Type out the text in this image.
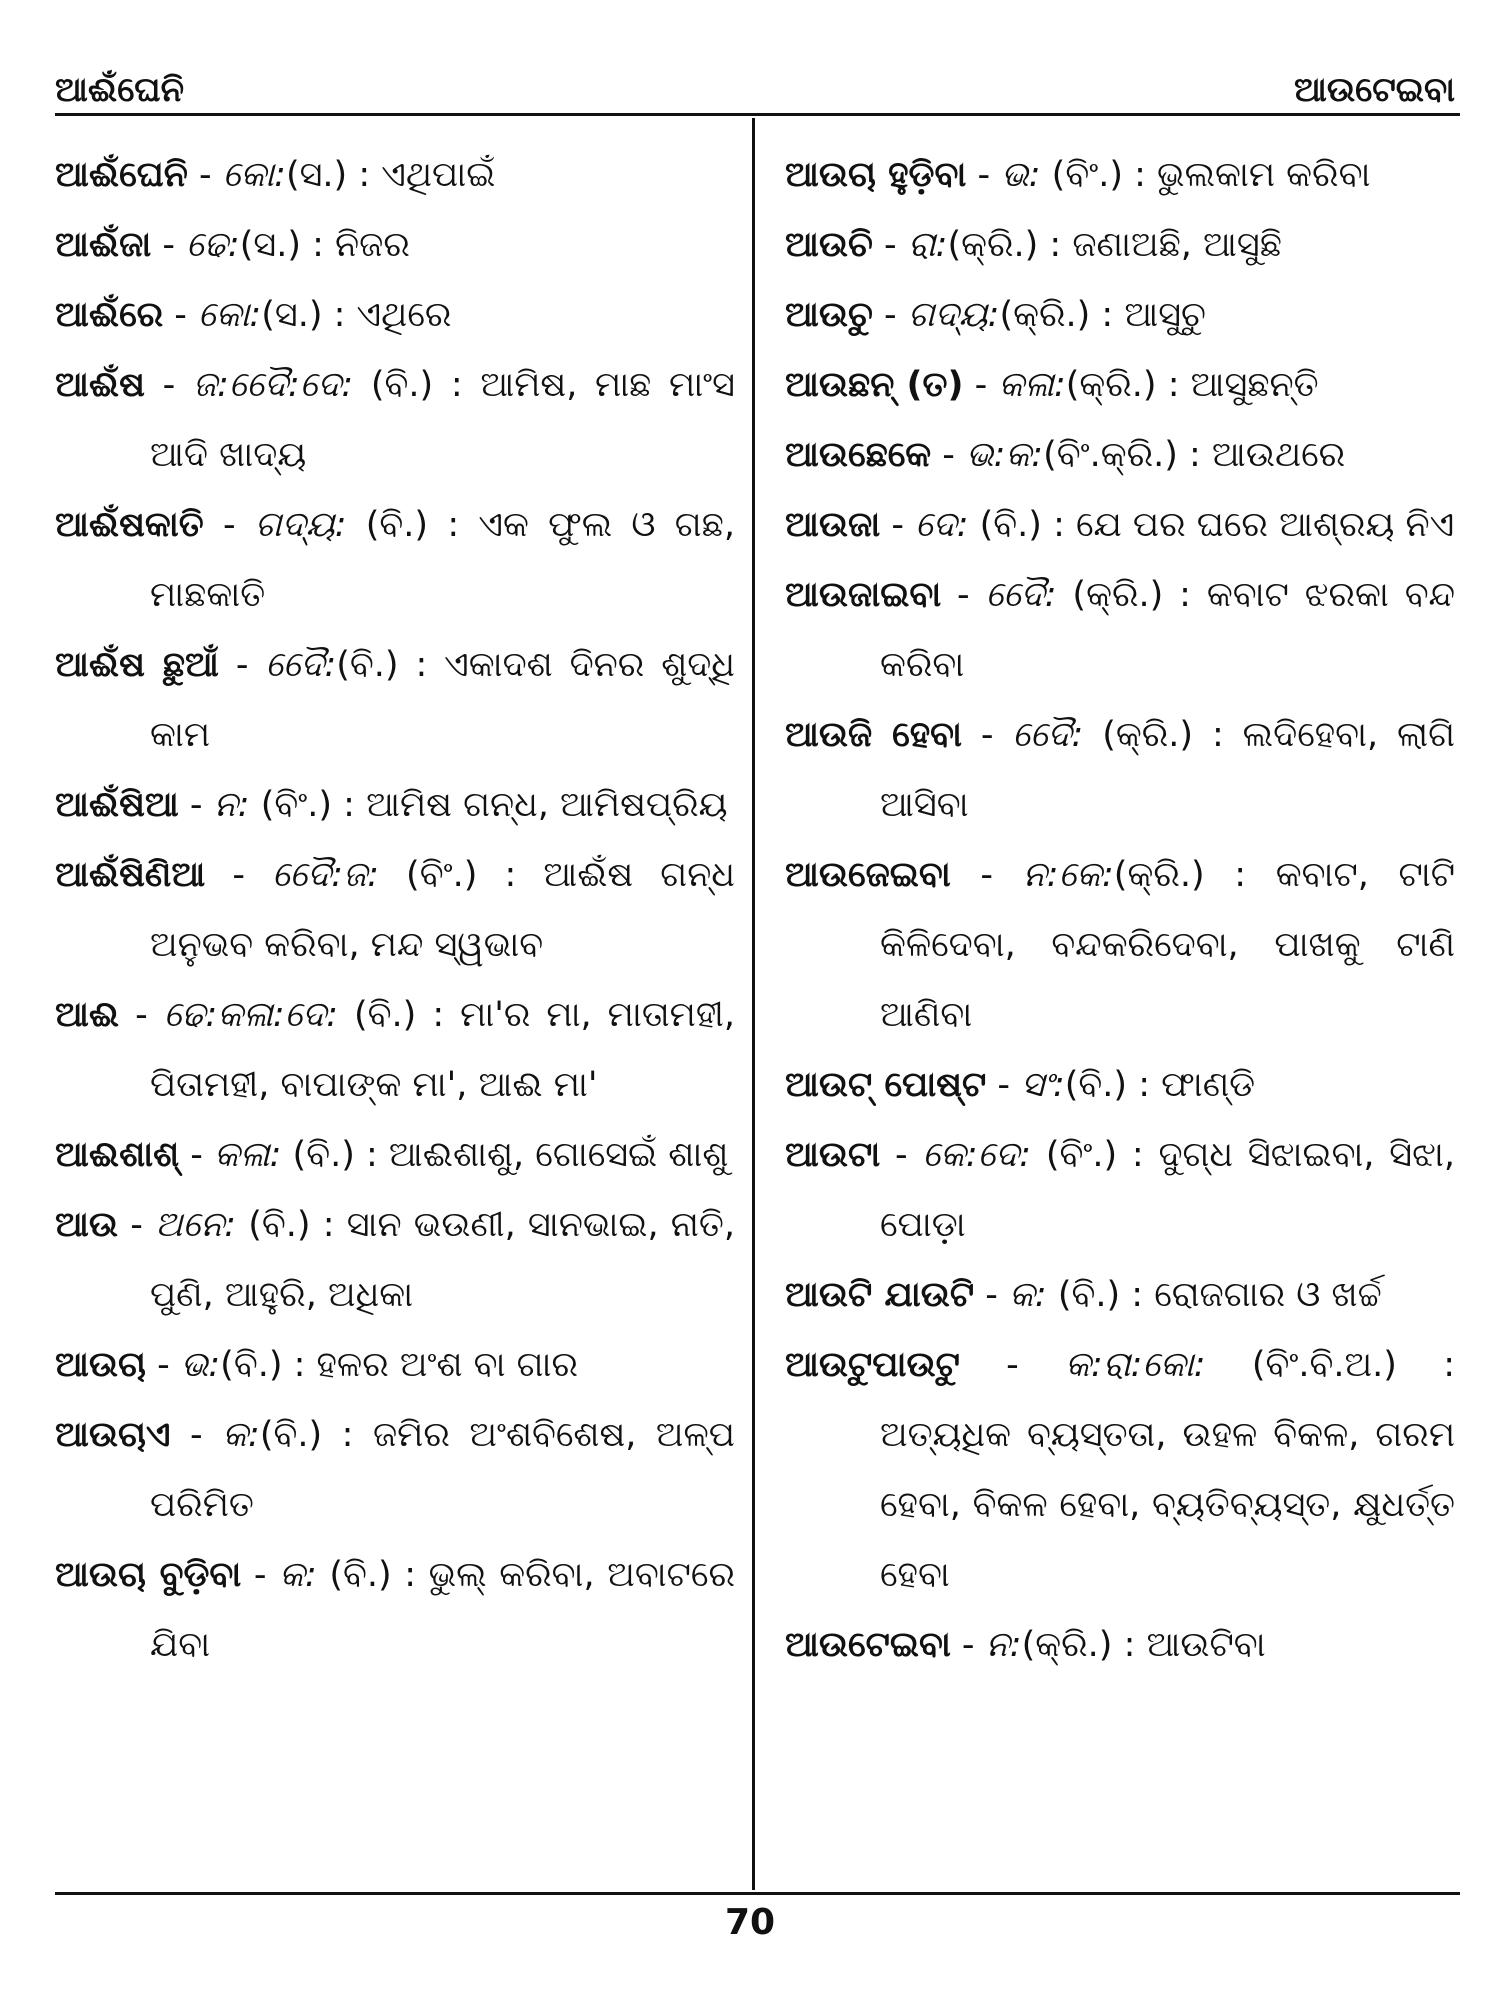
ଆଈଁଘେନି	ଆଉଟେଇବା

ଆଈଁଘେନି - କୋ:(ସ.) : ଏଥିପାଇଁ

ଆଈଁଜା - ଢେ:(ସ.) : ନିଜର

ଆଈଁରେ - କୋ:(ସ.) : ଏଥିରେ

ଆଈଁଷ - ଜ:ଦେୈ:ଦେ: (ବି.) : ଆମିଷ, ମାଛ ମାଂସ ଆଦି ଖାଦ୍ୟ

ଆଈଁଷକାତି - ଗଦ୍ୟ: (ବି.) : ଏକ ଫୁଲ ଓ ଗଛ, ମାଛକାତି

ଆଈଁଷ ଛୁଆଁ - ଦେୈ:(ବି.) : ଏକାଦଶ ଦିନର ଶୁଦ୍ଧି କାମ

ଆଈଁଷିଆ - ନ: (ବିଂ.) : ଆମିଷ ଗନ୍ଧ, ଆମିଷପ୍ରିୟ

ଆଈଁଷିଣିଆ - ଦେୈ:ଜ: (ବିଂ.) : ଆଈଁଷ ଗନ୍ଧ ଅନୁଭବ କରିବା, ମନ୍ଦ ସ୍ୱଭାବ

ଆଈ - ଢେ:କଳା:ଦେ: (ବି.) : ମା'ର ମା, ମାତାମହୀ, ପିତାମହୀ, ବାପାଙ୍କ ମା', ଆଈ ମା'

ଆଈଶାଶ୍ - କଳା: (ବି.) : ଆଈଶାଶୁ, ଗୋସେଇଁ ଶାଶୁ

ଆଉ - ଅନେ: (ବି.) : ସାନ ଭଉଣୀ, ସାନଭାଇ, ନାତି, ପୁଣି, ଆହୁରି, ଅଧିକା

ଆଉଚା - ଭ:(ବି.) : ହଳର ଅଂଶ ବା ଗାର

ଆଉଚାଏ - କ:(ବି.) : ଜମିର ଅଂଶବିଶେଷ, ଅଳ୍ପ ପରିମିତ

ଆଉଚା ବୁଡ଼ିବା - କ: (ବି.) : ଭୁଲ୍ କରିବା, ଅବାଟରେ ଯିବା

ଆଉଚା ହୁଡ଼ିବା - ଭ: (ବିଂ.) : ଭୁଲକାମ କରିବା

ଆଉଚି - ରା:(କ୍ରି.) : ଜଣାଅଛି, ଆସୁଛି

ଆଉଚୁ - ଗଦ୍ୟ:(କ୍ରି.) : ଆସୁଚୁ

ଆଉଛନ୍ (ତ) - କଳା:(କ୍ରି.) : ଆସୁଛନ୍ତି

ଆଉଛେକେ - ଭ:କ:(ବିଂ.କ୍ରି.) : ଆଉଥରେ

ଆଉଜା - ଦେ: (ବି.) : ଯେ ପର ଘରେ ଆଶ୍ରୟ ନିଏ

ଆଉଜାଇବା - ଦେୈ: (କ୍ରି.) : କବାଟ ଝରକା ବନ୍ଦ କରିବା

ଆଉଜି ହେବା - ଦେୈ: (କ୍ରି.) : ଲଦିହେବା, ଲାଗି ଆସିବା

ଆଉଜେଇବା - ନ:କେ:(କ୍ରି.) : କବାଟ, ଟାଟି କିଳିଦେବା, ବନ୍ଦକରିଦେବା, ପାଖକୁ ଟାଣି ଆଣିବା

ଆଉଟ୍ ପୋଷ୍ଟ - ସଂ:(ବି.) : ଫାଣ୍ଡି

ଆଉଟା - କେ:ଦେ: (ବିଂ.) : ଦୁଗ୍ଧ ସିଝାଇବା, ସିଝା, ପୋଡ଼ା

ଆଉଟି ଯାଉଟି - କ: (ବି.) : ରୋଜଗାର ଓ ଖର୍ଚ୍ଚ

ଆଉଟୁପାଉଟୁ - କ:ରା:କୋ: (ବିଂ.ବି.ଅ.) : ଅତ୍ୟଧିକ ବ୍ୟସ୍ତତା, ଉହଳ ବିକଳ, ଗରମ ହେବା, ବିକଳ ହେବା, ବ୍ୟତିବ୍ୟସ୍ତ, କ୍ଷୁଧର୍ତ୍ତ ହେବା

ଆଉଟେଇବା - ନ:(କ୍ରି.) : ଆଉଟିବା

70
